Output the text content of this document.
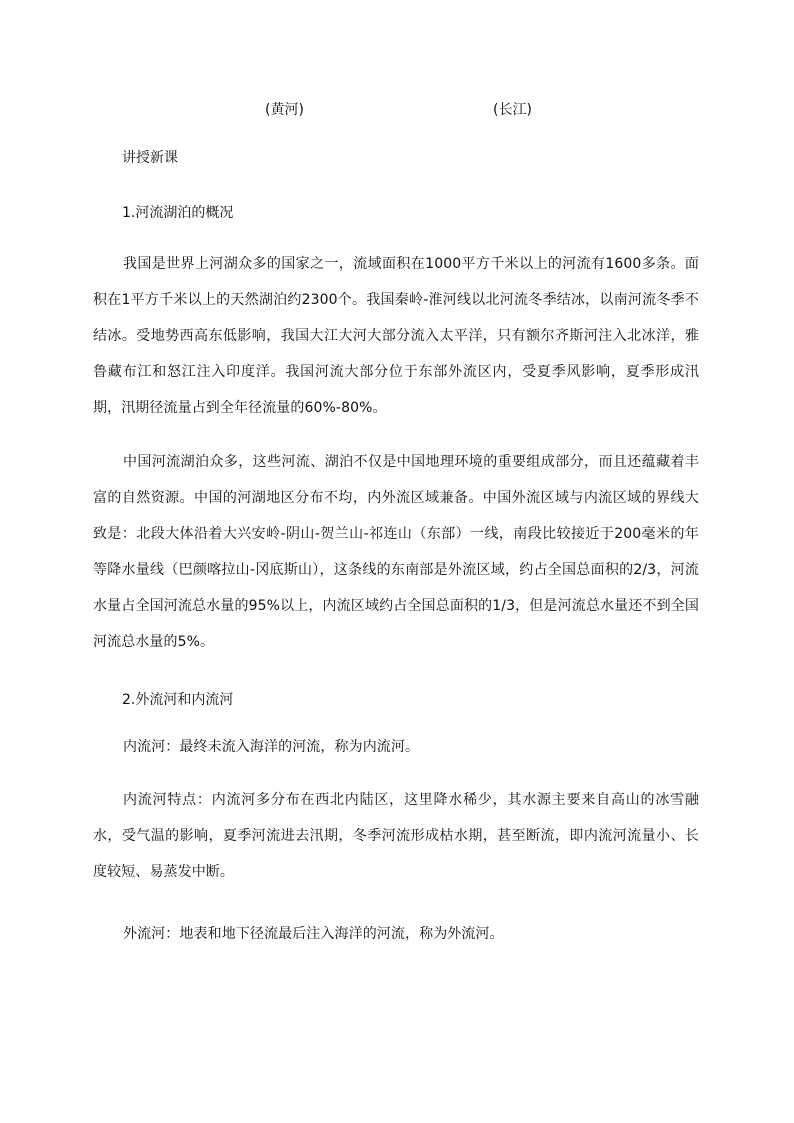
(黄河)	(长江)
讲授新课
1.河流湖泊的概况
我国是世界上河湖众多的国家之一，流域面积在1000平方千米以上的河流有1600多条。面积在1平方千米以上的天然湖泊约2300个。我国秦岭-淮河线以北河流冬季结冰，以南河流冬季不结冰。受地势西高东低影响，我国大江大河大部分流入太平洋，只有额尔齐斯河注入北冰洋，雅鲁藏布江和怒江注入印度洋。我国河流大部分位于东部外流区内，受夏季风影响，夏季形成汛期，汛期径流量占到全年径流量的60%-80%。
中国河流湖泊众多，这些河流、湖泊不仅是中国地理环境的重要组成部分，而且还蕴藏着丰富的自然资源。中国的河湖地区分布不均，内外流区域兼备。中国外流区域与内流区域的界线大致是：北段大体沿着大兴安岭-阴山-贺兰山-祁连山（东部）一线，南段比较接近于200毫米的年等降水量线（巴颜喀拉山-冈底斯山），这条线的东南部是外流区域，约占全国总面积的2/3，河流水量占全国河流总水量的95%以上，内流区域约占全国总面积的1/3，但是河流总水量还不到全国河流总水量的5%。
2.外流河和内流河
内流河：最终未流入海洋的河流，称为内流河。
内流河特点：内流河多分布在西北内陆区，这里降水稀少，其水源主要来自高山的冰雪融水，受气温的影响，夏季河流进去汛期，冬季河流形成枯水期，甚至断流，即内流河流量小、长度较短、易蒸发中断。
外流河：地表和地下径流最后注入海洋的河流，称为外流河。
